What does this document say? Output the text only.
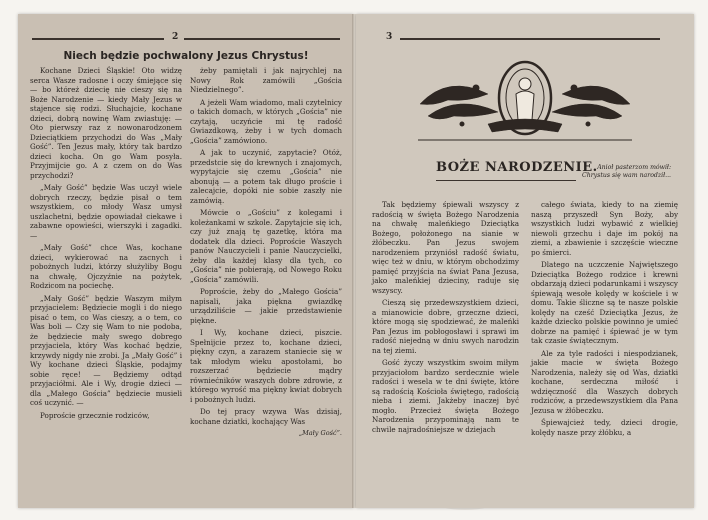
2
Niech będzie pochwalony Jezus Chrystus!

Kochane Dzieci Śląskie! Oto widzę serca Wasze radosne i oczy śmiejące się — bo któreż dziecię nie cieszy się na Boże Narodzenie — kiedy Mały Jezus w stajence się rodzi. Słuchajcie, kochane dzieci, dobrą nowinę Wam zwiastuję: — Oto pierwszy raz z nowonarodzonem Dzieciątkiem przychodzi do Was „Mały Gość”. Ten Jezus mały, który tak bardzo dzieci kocha. On go Wam posyła. Przyjmijcie go. A z czem on do Was przychodzi?

„Mały Gość” będzie Was uczył wiele dobrych rzeczy, będzie pisał o tem wszystkiem, co młody Wasz umysł uszlachetni, będzie opowiadał ciekawe i zabawne opowieści, wierszyki i zagadki. —

„Mały Gość” chce Was, kochane dzieci, wykierować na zacnych i pobożnych ludzi, którzy służyliby Bogu na chwałę, Ojczyźnie na pożytek, Rodzicom na pociechę.

„Mały Gość” będzie Waszym miłym przyjacielem: Będziecie mogli i do niego pisać o tem, co Was cieszy, a o tem, co Was boli — Czy się Wam to nie podoba, że będziecie mały swego dobrego przyjaciela, który Was kochać będzie, krzywdy nigdy nie zrobi. Ja „Mały Gość” i Wy kochane dzieci Śląskie, podajmy sobie ręce! — Będziemy odtąd przyjaciółmi. Ale i Wy, drogie dzieci — dla „Małego Gościa” będziecie musieli coś uczynić. —

Poproście grzecznie rodziców,

żeby pamiętali i jak najrychlej na Nowy Rok zamówili „Gościa Niedzielnego”.

A jeżeli Wam wiadomo, mali czytelnicy o takich domach, w których „Gościa” nie czytają, uczyńcie mi tę radość Gwiazdkową, żeby i w tych domach „Gościa” zamówiono.

A jak to uczynić, zapytacie? Otóż, przedstcie się do krewnych i znajomych, wypytajcie się czemu „Gościa” nie abonują — a potem tak długo proście i zalecajcie, dopóki nie sobie zaszły nie zamówią.

Mówcie o „Gościu” z kolegami i koleżankami w szkole. Zapytajcie się ich, czy już znają tę gazetkę, która ma dodatek dla dzieci. Poproście Waszych panów Nauczycieli i panie Nauczycielki, żeby dla każdej klasy dla tych, co „Gościa” nie pobierają, od Nowego Roku „Gościa” zamówili.

Poproście, żeby do „Małego Gościa” napisali, jaka piękna gwiazdkę urządziliście — jakie przedstawienie piękne.

I Wy, kochane dzieci, piszcie. Spełnijcie przez to, kochane dzieci, piękny czyn, a zarazem staniecie się w tak młodym wieku apostołami, bo rozszerzać będziecie mądry równiećników waszych dobre zdrowie, z którego wyrość ma piękny kwiat dobrych i pobożnych ludzi.

Do tej pracy wzywa Was dzisiaj, kochane dziatki, kochający Was

„Mały Gość”.
3
BOŻE NARODZENIE. Anioł pasterzom mówił:
Chrystus się wam narodził...

Tak będziemy śpiewali wszyscy z radością w święta Bożego Narodzenia na chwałę maleńkiego Dzieciątka Bożego, położonego na sianie w żłóbeczku. Pan Jezus swojem narodzeniem przyniósł radość światu, więc też w dniu, w którym obchodzimy pamięć przyjścia na świat Pana Jezusa, jako maleńkiej dzieciny, raduje się wszyscy.

Cieszą się przedewszystkiem dzieci, a mianowicie dobre, grzeczne dzieci, które mogą się spodziewać, że maleńki Pan Jezus im pobłogosławi i sprawi im radość niejedną w dniu swych narodzin na tej ziemi.

Gość życzy wszystkim swoim miłym przyjaciołom bardzo serdecznie wiele radości i wesela w te dni święte, które są radością Kościoła świętego, radością nieba i ziemi. Jakżeby inaczej być mogło. Przecież święta Bożego Narodzenia przypominają nam te chwile najradośniejsze w dziejach

całego świata, kiedy to na ziemię naszą przyszedł Syn Boży, aby wszystkich ludzi wybawić z wielkiej niewoli grzechu i daje im pokój na ziemi, a zbawienie i szczęście wieczne po śmierci.

Dlatego na uczczenie Najwiętszego Dzieciątka Bożego rodzice i krewni obdarzają dzieci podarunkami i wszyscy śpiewają wesołe kolędy w kościele i w domu. Takie śliczne są te nasze polskie kolędy na cześć Dzieciątka Jezus, że każde dziecko polskie powinno je umieć dobrze na pamięć i śpiewać je w tym tak czasie świątecznym.

Ale za tyle radości i niespodzianek, jakie macie w święta Bożego Narodzenia, należy się od Was, dziatki kochane, serdeczna miłość i wdzięczność dla Waszych dobrych rodziców, a przedewszystkiem dla Pana Jezusa w żłóbeczku.

Śpiewajcież tedy, dzieci drogie, kolędy nasze przy żłóbku, a
